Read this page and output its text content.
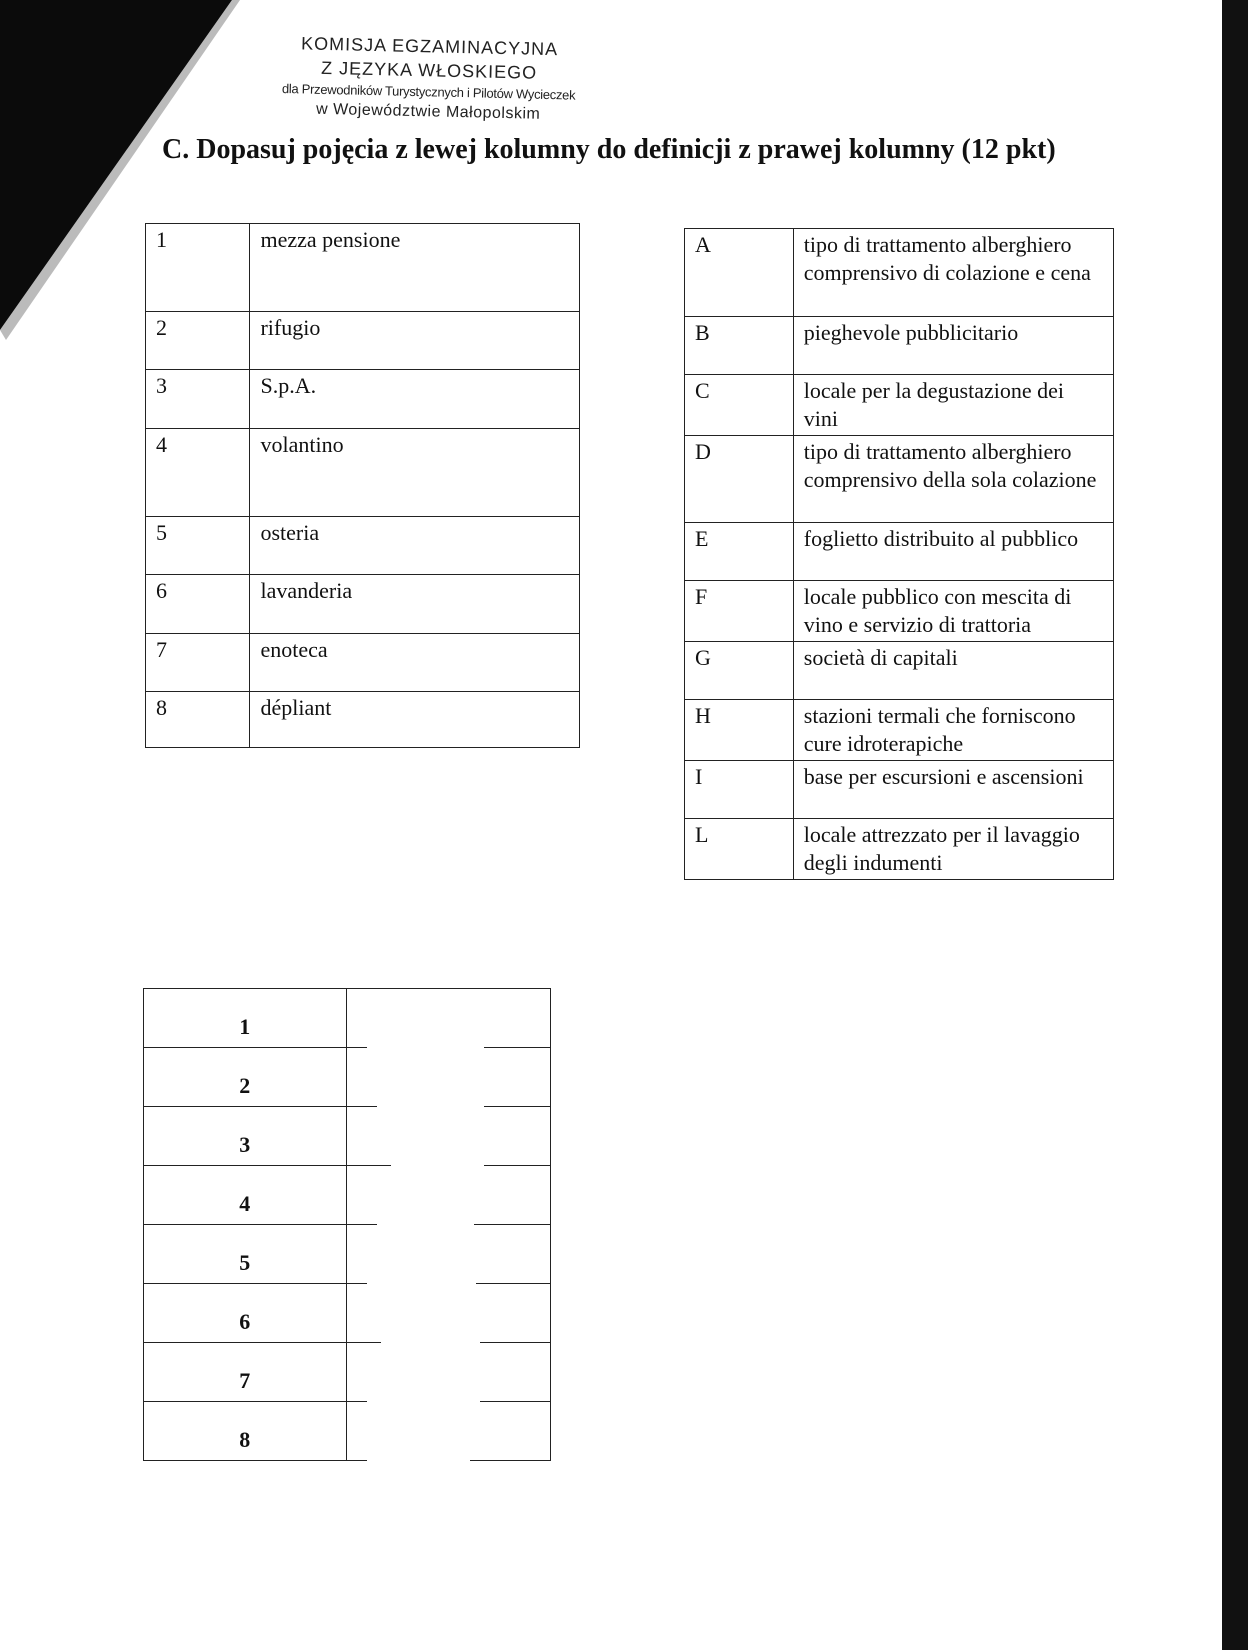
KOMISJA EGZAMINACYJNA
Z JĘZYKA WŁOSKIEGO
dla Przewodników Turystycznych i Pilotów Wycieczek
w Województwie Małopolskim
C. Dopasuj pojęcia z lewej kolumny do definicji z prawej kolumny (12 pkt)
1	mezza pensione
2	rifugio
3	S.p.A.
4	volantino
5	osteria
6	lavanderia
7	enoteca
8	dépliant
A	tipo di trattamento alberghiero comprensivo di colazione e cena
B	pieghevole pubblicitario
C	locale per la degustazione dei vini
D	tipo di trattamento alberghiero comprensivo della sola colazione
E	foglietto distribuito al pubblico
F	locale pubblico con mescita di vino e servizio di trattoria
G	società di capitali
H	stazioni termali che forniscono cure idroterapiche
I	base per escursioni e ascensioni
L	locale attrezzato per il lavaggio degli indumenti
1	

2	

3	

4	

5	

6	

7	

8	
